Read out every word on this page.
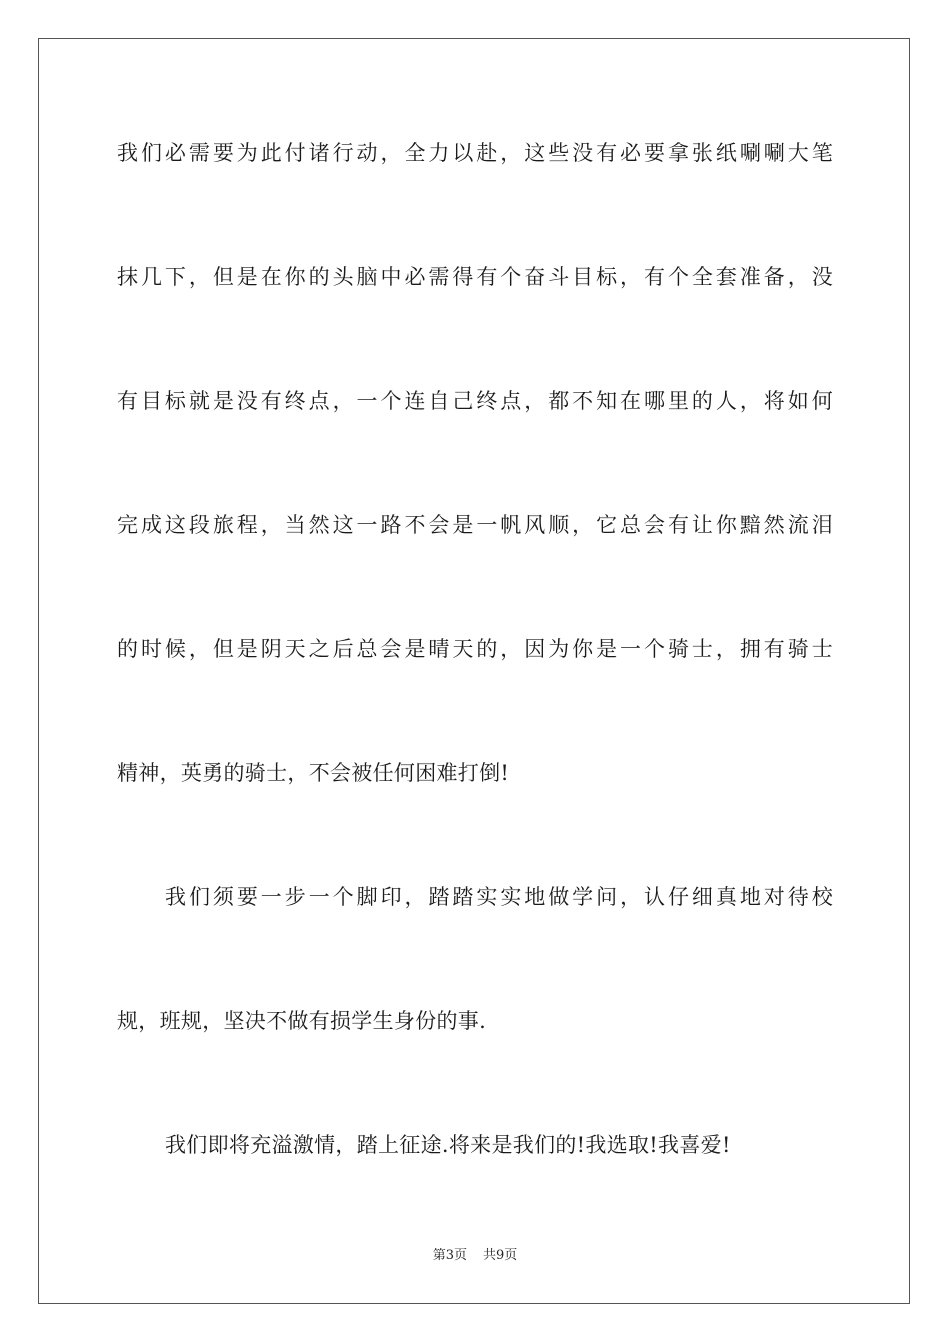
我们必需要为此付诸行动，全力以赴，这些没有必要拿张纸唰唰大笔
抹几下，但是在你的头脑中必需得有个奋斗目标，有个全套准备，没
有目标就是没有终点，一个连自己终点，都不知在哪里的人，将如何
完成这段旅程，当然这一路不会是一帆风顺，它总会有让你黯然流泪
的时候，但是阴天之后总会是晴天的，因为你是一个骑士，拥有骑士
精神，英勇的骑士，不会被任何困难打倒!
我们须要一步一个脚印，踏踏实实地做学问，认仔细真地对待校
规，班规，坚决不做有损学生身份的事.
我们即将充溢激情，踏上征途.将来是我们的!我选取!我喜爱!
第3页 共9页
